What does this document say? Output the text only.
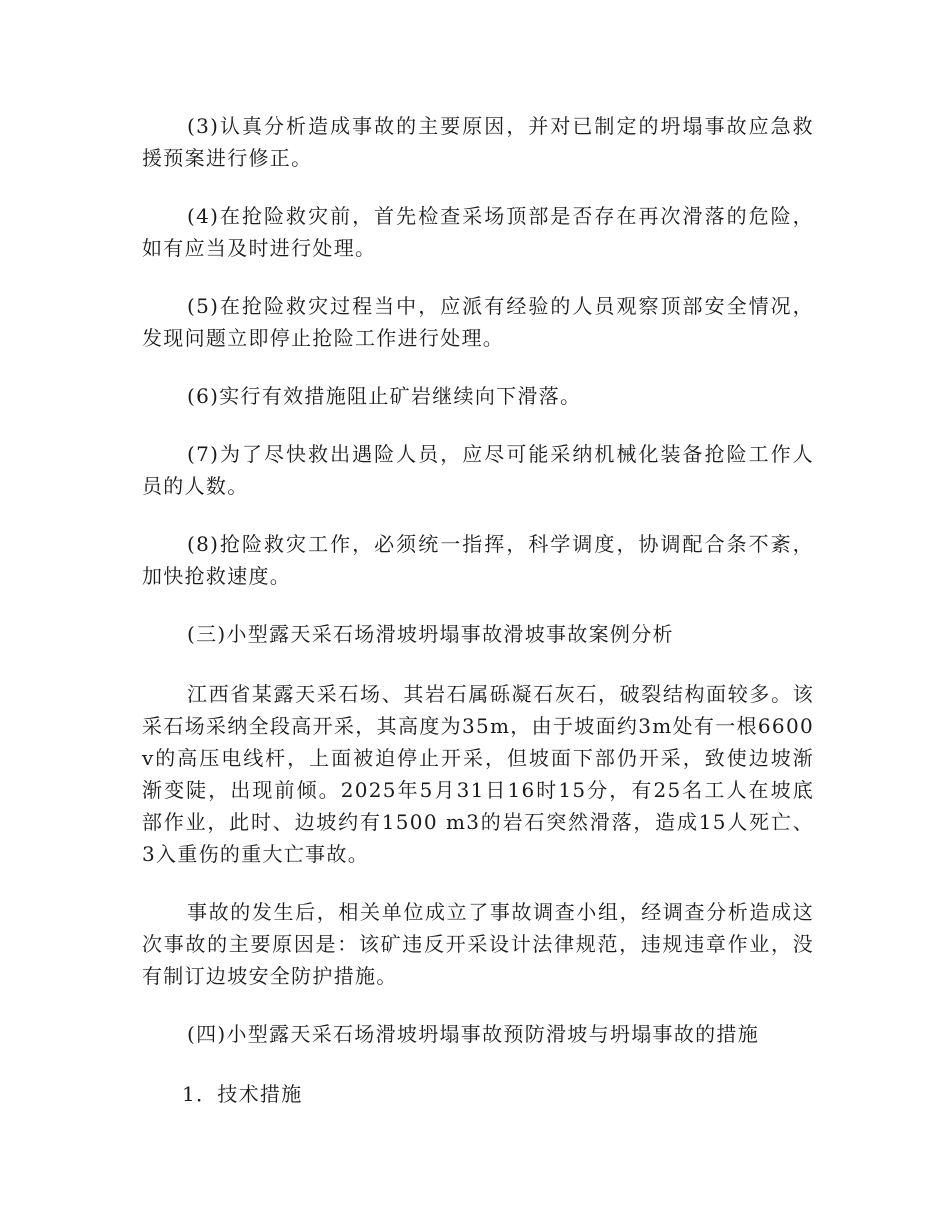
(3)认真分析造成事故的主要原因，并对已制定的坍塌事故应急救援预案进行修正。

(4)在抢险救灾前，首先检查采场顶部是否存在再次滑落的危险，如有应当及时进行处理。

(5)在抢险救灾过程当中，应派有经验的人员观察顶部安全情况，发现问题立即停止抢险工作进行处理。

(6)实行有效措施阻止矿岩继续向下滑落。

(7)为了尽快救出遇险人员，应尽可能采纳机械化装备抢险工作人员的人数。

(8)抢险救灾工作，必须统一指挥，科学调度，协调配合条不紊，加快抢救速度。

(三)小型露天采石场滑坡坍塌事故滑坡事故案例分析

江西省某露天采石场、其岩石属砾凝石灰石，破裂结构面较多。该采石场采纳全段高开采，其高度为35m，由于坡面约3m处有一根6600v的高压电线杆，上面被迫停止开采，但坡面下部仍开采，致使边坡渐渐变陡，出现前倾。2025年5月31日16时15分，有25名工人在坡底部作业，此时、边坡约有1500 m3的岩石突然滑落，造成15人死亡、3入重伤的重大亡事故。

事故的发生后，相关单位成立了事故调查小组，经调查分析造成这次事故的主要原因是：该矿违反开采设计法律规范，违规违章作业，没有制订边坡安全防护措施。

(四)小型露天采石场滑坡坍塌事故预防滑坡与坍塌事故的措施

1．技术措施
